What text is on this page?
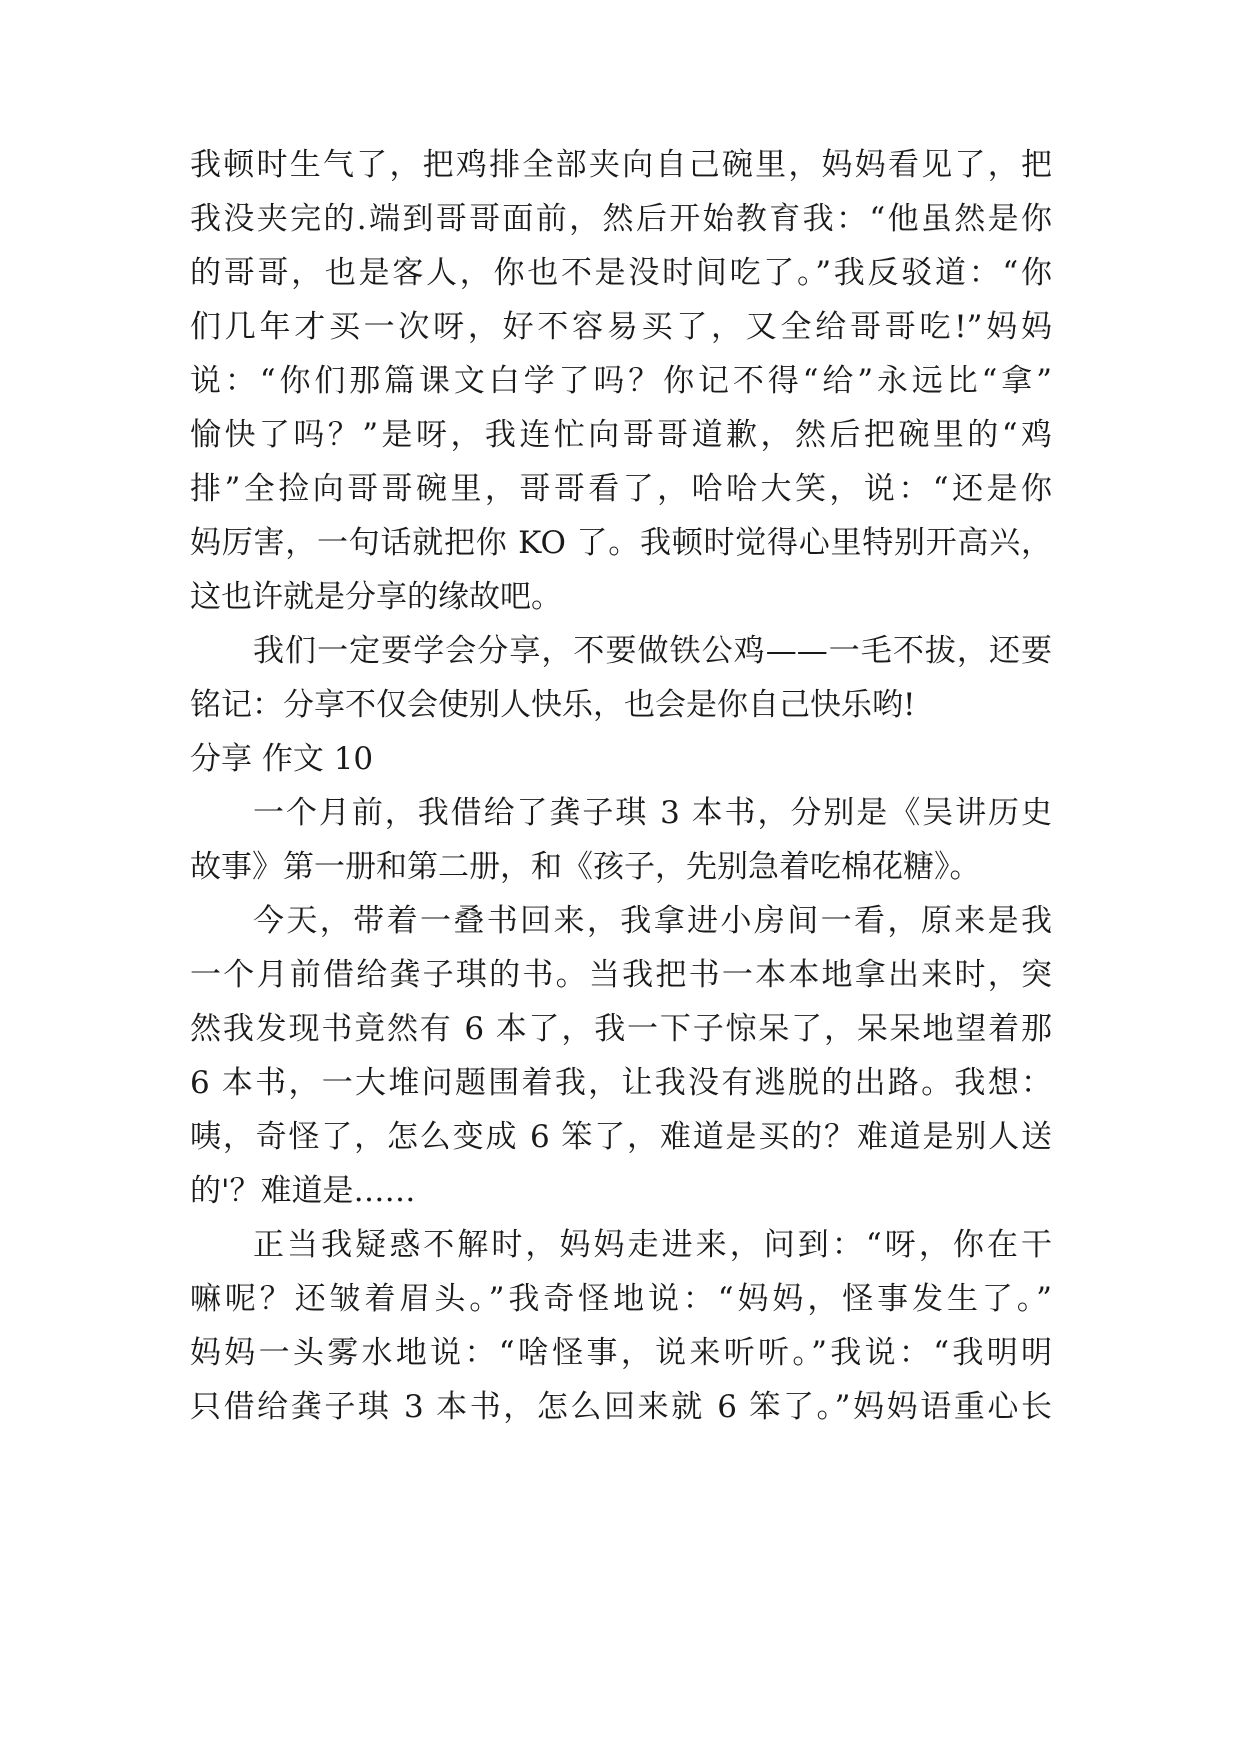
我顿时生气了，把鸡排全部夹向自己碗里，妈妈看见了，把
我没夹完的.端到哥哥面前，然后开始教育我：“他虽然是你
的哥哥，也是客人，你也不是没时间吃了。”我反驳道：“你
们几年才买一次呀，好不容易买了，又全给哥哥吃!”妈妈
说：“你们那篇课文白学了吗？你记不得“给”永远比“拿”
愉快了吗？”是呀，我连忙向哥哥道歉，然后把碗里的“鸡
排”全捡向哥哥碗里，哥哥看了，哈哈大笑，说：“还是你
妈厉害，一句话就把你 KO 了。我顿时觉得心里特别开高兴，
这也许就是分享的缘故吧。
我们一定要学会分享，不要做铁公鸡——一毛不拔，还要
铭记：分享不仅会使别人快乐，也会是你自己快乐哟!
分享 作文 10
一个月前，我借给了龚子琪 3 本书，分别是《吴讲历史
故事》第一册和第二册，和《孩子，先别急着吃棉花糖》。
今天，带着一叠书回来，我拿进小房间一看，原来是我
一个月前借给龚子琪的书。当我把书一本本地拿出来时，突
然我发现书竟然有 6 本了，我一下子惊呆了，呆呆地望着那
6 本书，一大堆问题围着我，让我没有逃脱的出路。我想：
咦，奇怪了，怎么变成 6 笨了，难道是买的？难道是别人送
的'？难道是……
正当我疑惑不解时，妈妈走进来，问到：“呀，你在干
嘛呢？还皱着眉头。”我奇怪地说：“妈妈，怪事发生了。”
妈妈一头雾水地说：“啥怪事，说来听听。”我说：“我明明
只借给龚子琪 3 本书，怎么回来就 6 笨了。”妈妈语重心长
